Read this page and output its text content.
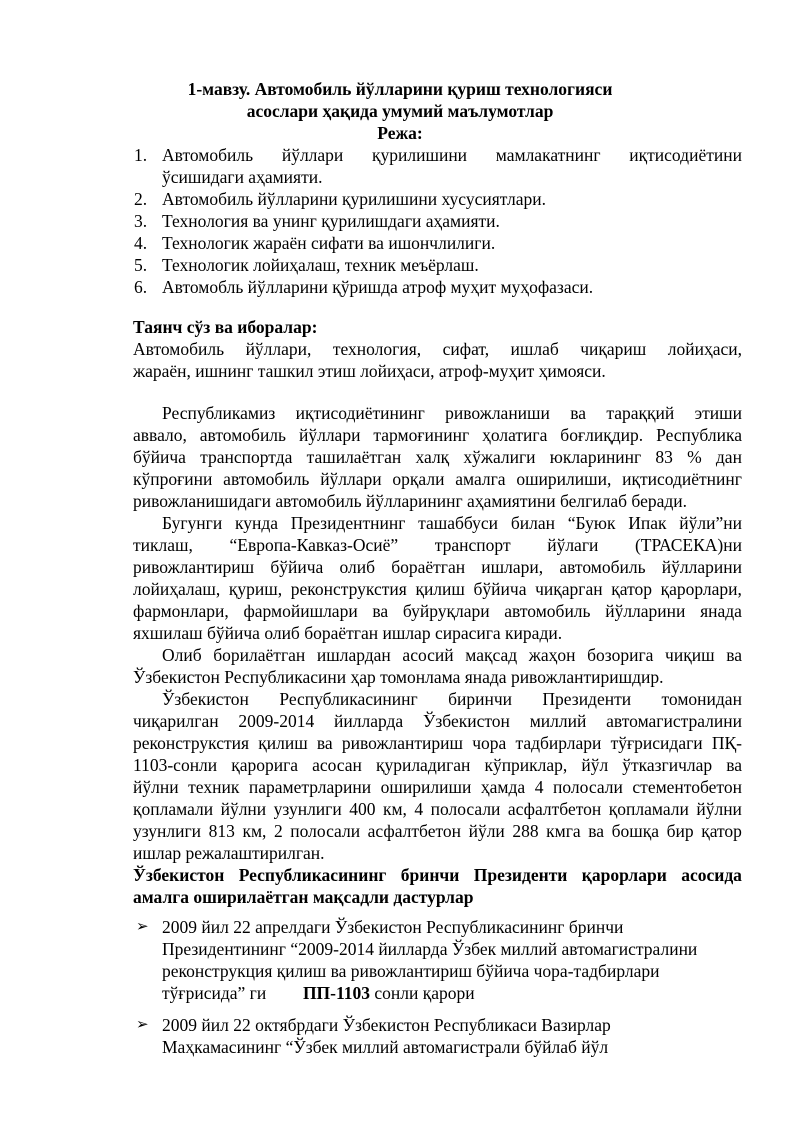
1-мавзу. Автомобиль йўлларини қуриш технологияси
асослари ҳақида умумий маълумотлар
Режа:
1. Автомобиль йўллари қурилишини мамлакатнинг иқтисодиётини
ўсишидаги аҳамияти.
2. Автомобиль йўлларини қурилишини хусусиятлари.
3. Технология ва унинг қурилишдаги аҳамияти.
4. Технологик жараён сифати ва ишончлилиги.
5. Технологик лойиҳалаш, техник меъёрлаш.
6. Автомобль йўлларини қўришда атроф муҳит муҳофазаси.
Таянч сўз ва иборалар:
Автомобиль йўллари, технология, сифат, ишлаб чиқариш лойиҳаси,
жараён, ишнинг ташкил этиш лойиҳаси, атроф-муҳит ҳимояси.
Республикамиз иқтисодиётининг ривожланиши ва тараққий этиши
аввало, автомобиль йўллари тармоғининг ҳолатига боғлиқдир. Республика
бўйича транспортда ташилаётган халқ хўжалиги юкларининг 83 % дан
кўпроғини автомобиль йўллари орқали амалга оширилиши, иқтисодиётнинг
ривожланишидаги автомобиль йўлларининг аҳамиятини белгилаб беради.
Бугунги кунда Президентнинг ташаббуси билан “Буюк Ипак йўли”ни
тиклаш, “Европа-Кавказ-Осиё” транспорт йўлаги (ТРАСЕКА)ни
ривожлантириш бўйича олиб бораётган ишлари, автомобиль йўлларини
лойиҳалаш, қуриш, реконструкстия қилиш бўйича чиқарган қатор қарорлари,
фармонлари, фармойишлари ва буйруқлари автомобиль йўлларини янада
яхшилаш бўйича олиб бораётган ишлар сирасига киради.
Олиб борилаётган ишлардан асосий мақсад жаҳон бозорига чиқиш ва
Ўзбекистон Республикасини ҳар томонлама янада ривожлантиришдир.
Ўзбекистон Республикасининг биринчи Президенти томонидан
чиқарилган 2009-2014 йилларда Ўзбекистон миллий автомагистралини
реконструкстия қилиш ва ривожлантириш чора тадбирлари тўғрисидаги ПҚ-
1103-сонли қарорига асосан қуриладиган кўприклар, йўл ўтказгичлар ва
йўлни техник параметрларини оширилиши ҳамда 4 полосали стементобетон
қопламали йўлни узунлиги 400 км, 4 полосали асфалтбетон қопламали йўлни
узунлиги 813 км, 2 полосали асфалтбетон йўли 288 кмга ва бошқа бир қатор
ишлар режалаштирилган.
Ўзбекистон Республикасининг бринчи Президенти қарорлари асосида
амалга оширилаётган мақсадли дастурлар
➢ 2009 йил 22 апрелдаги Ўзбекистон Республикасининг бринчи
Президентининг “2009-2014 йилларда Ўзбек миллий автомагистралини
реконструкция қилиш ва ривожлантириш бўйича чора-тадбирлари
тўғрисида” ги ПП-1103 сонли қарори
➢ 2009 йил 22 октябрдаги Ўзбекистон Республикаси Вазирлар
Маҳкамасининг “Ўзбек миллий автомагистрали бўйлаб йўл
